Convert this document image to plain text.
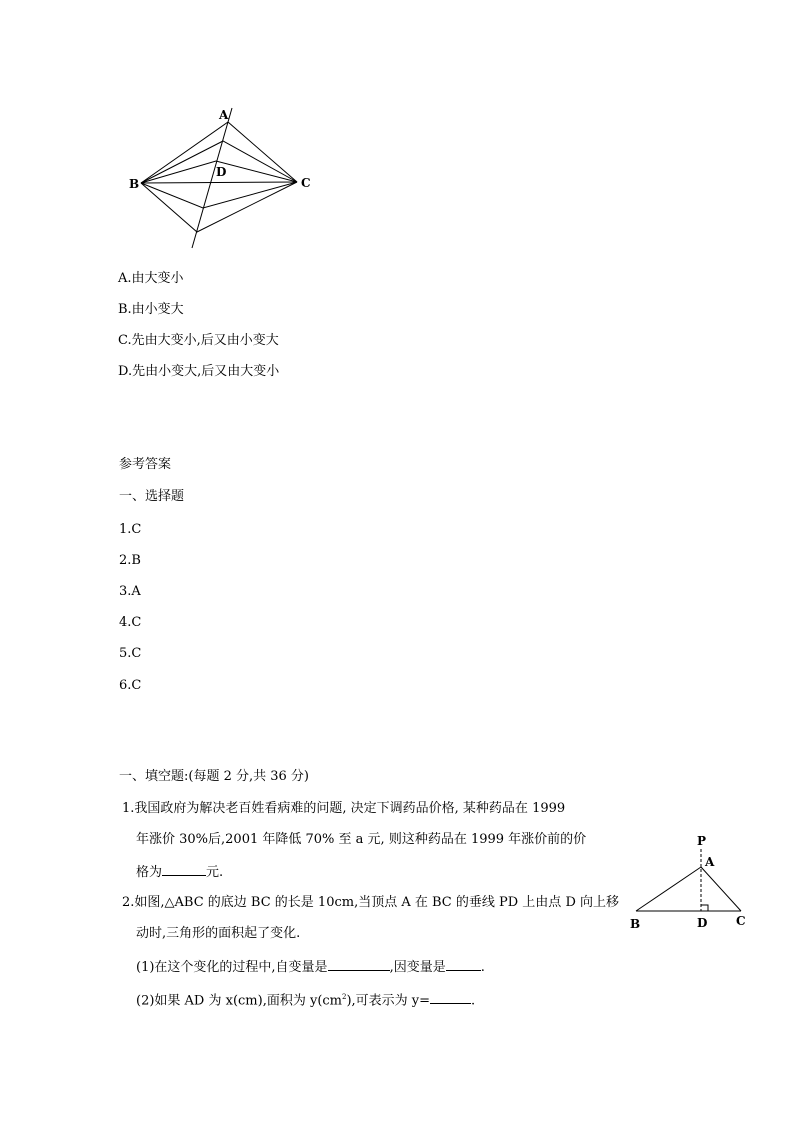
A
B	C
D
A.由大变小
B.由小变大
C.先由大变小,后又由小变大
D.先由小变大,后又由大变小
参考答案
一、选择题
1.C
2.B
3.A
4.C
5.C
6.C
一、填空题:(每题 2 分,共 36 分)
1.我国政府为解决老百姓看病难的问题, 决定下调药品价格, 某种药品在 1999
年涨价 30%后,2001 年降低 70% 至 a 元, 则这种药品在 1999 年涨价前的价
格为	元.
2.如图,△ABC 的底边 BC 的长是 10cm,当顶点 A 在 BC 的垂线 PD 上由点 D 向上移
动时,三角形的面积起了变化.
(1)在这个变化的过程中,自变量是	,因变量是	.
(2)如果 AD 为 x(cm),面积为 $y(cm^2)$,可表示为 y=	.
P
A
B	D C
